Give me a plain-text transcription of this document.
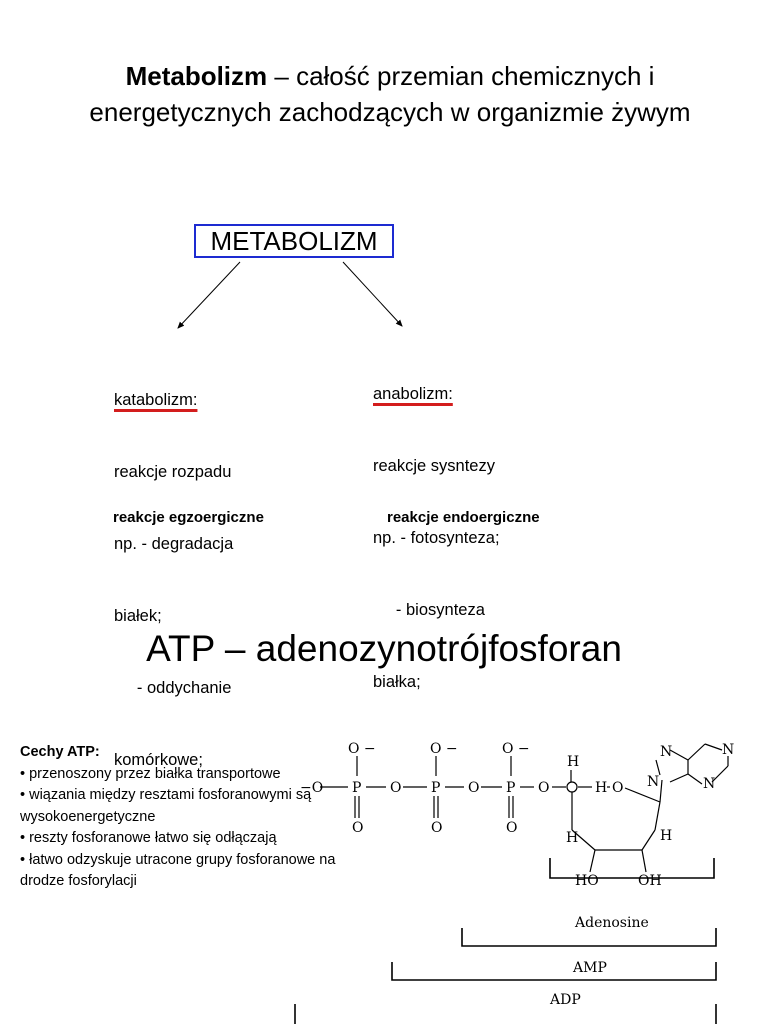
Metabolizm – całość przemian chemicznych i energetycznych zachodzących w organizmie żywym
METABOLIZM

katabolizm:

reakcje rozpadu

np. - degradacja

białek;

- oddychanie

komórkowe;

anabolizm:

reakcje sysntezy

np. - fotosynteza;

- biosynteza

białka;

reakcje egzoergiczne	reakcje endoergiczne
ATP – adenozynotrójfosforan
Cechy ATP:
• przenoszony przez białka transportowe
• wiązania między resztami fosforanowymi są wysokoenergetyczne
• reszty fosforanowe łatwo się odłączają
• łatwo odzyskuje utracone grupy fosforanowe na drodze fosforylacji
O −	O −	O −
−O P O P O P O
O	O	O
H
H O
H	H
HO	OH
N
N
N
N
Adenosine
AMP
ADP
